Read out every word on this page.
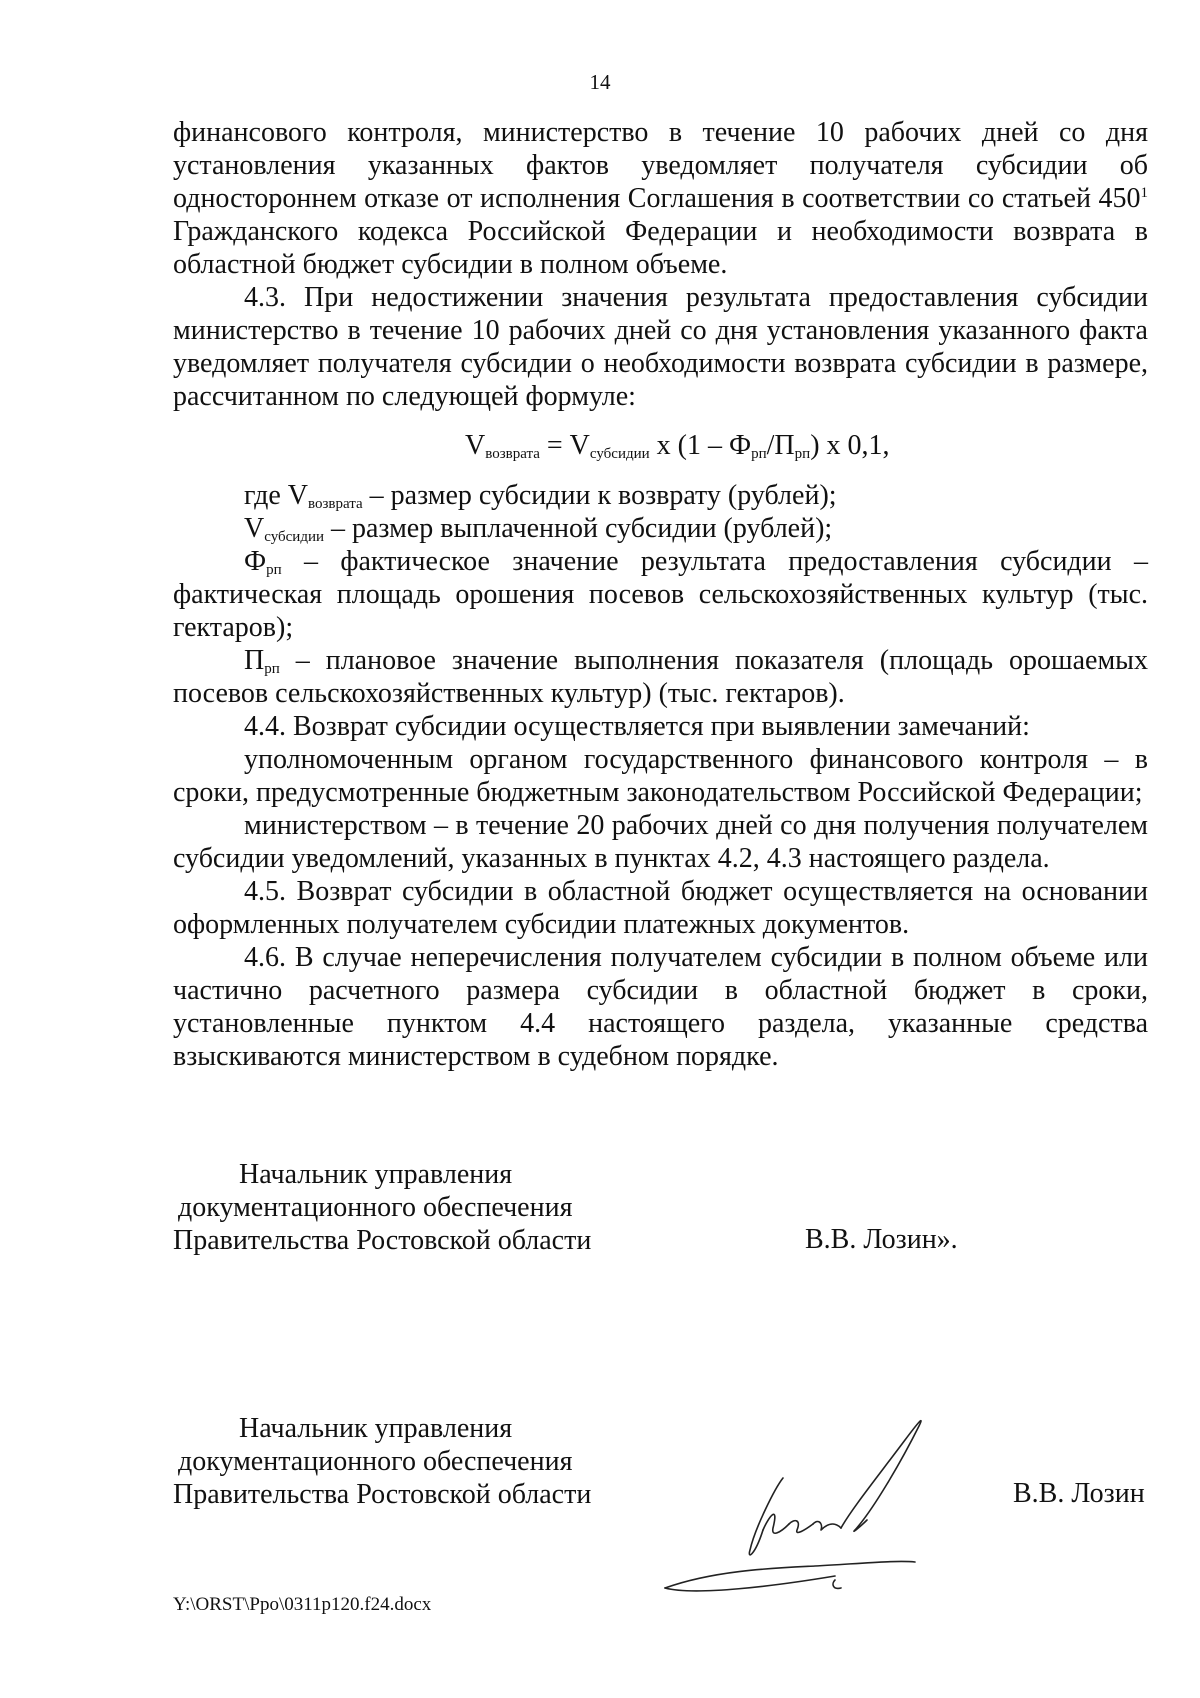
14

финансового контроля, министерство в течение 10 рабочих дней со дня установления указанных фактов уведомляет получателя субсидии об одностороннем отказе от исполнения Соглашения в соответствии со статьей $450^1$ Гражданского кодекса Российской Федерации и необходимости возврата в областной бюджет субсидии в полном объеме.

4.3. При недостижении значения результата предоставления субсидии министерство в течение 10 рабочих дней со дня установления указанного факта уведомляет получателя субсидии о необходимости возврата субсидии в размере, рассчитанном по следующей формуле:

$V_{возврата} = V_{субсидии}$ х $(1 - Ф_{рп}/П_{рп})$ х 0,1,

где $V_{возврата}$ – размер субсидии к возврату (рублей);

$V_{субсидии}$ – размер выплаченной субсидии (рублей);

$Ф_{рп}$ – фактическое значение результата предоставления субсидии – фактическая площадь орошения посевов сельскохозяйственных культур (тыс. гектаров);

$П_{рп}$ – плановое значение выполнения показателя (площадь орошаемых посевов сельскохозяйственных культур) (тыс. гектаров).

4.4. Возврат субсидии осуществляется при выявлении замечаний:

уполномоченным органом государственного финансового контроля – в сроки, предусмотренные бюджетным законодательством Российской Федерации;

министерством – в течение 20 рабочих дней со дня получения получателем субсидии уведомлений, указанных в пунктах 4.2, 4.3 настоящего раздела.

4.5. Возврат субсидии в областной бюджет осуществляется на основании оформленных получателем субсидии платежных документов.

4.6. В случае неперечисления получателем субсидии в полном объеме или частично расчетного размера субсидии в областной бюджет в сроки, установленные пунктом 4.4 настоящего раздела, указанные средства взыскиваются министерством в судебном порядке.

Начальник управления
документационного обеспечения
Правительства Ростовской области	В.В. Лозин».
Начальник управления
документационного обеспечения
Правительства Ростовской области	В.В. Лозин
Y:\ORST\Ppo\0311p120.f24.docx
